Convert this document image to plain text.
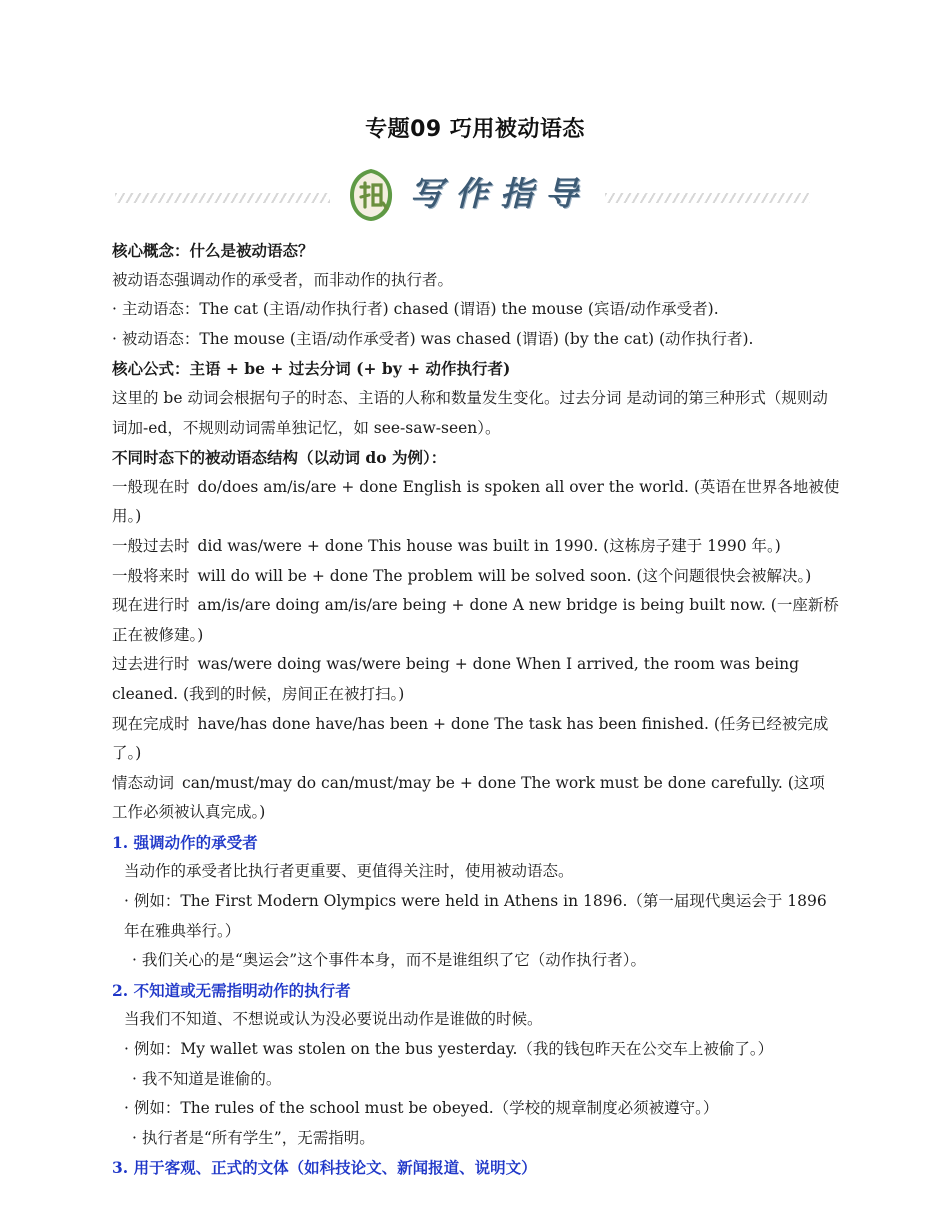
专题09 巧用被动语态
写作指导

核心概念：什么是被动语态？

被动语态强调动作的承受者，而非动作的执行者。

· 主动语态：The cat (主语/动作执行者) chased (谓语) the mouse (宾语/动作承受者).

· 被动语态：The mouse (主语/动作承受者) was chased (谓语) (by the cat) (动作执行者).

核心公式：主语 + be + 过去分词 (+ by + 动作执行者)

这里的 be 动词会根据句子的时态、主语的人称和数量发生变化。过去分词 是动词的第三种形式（规则动词加-ed，不规则动词需单独记忆，如 see-saw-seen）。

不同时态下的被动语态结构（以动词 do 为例）：

一般现在时 do/does am/is/are + done English is spoken all over the world. (英语在世界各地被使用。)

一般过去时 did was/were + done This house was built in 1990. (这栋房子建于 1990 年。)

一般将来时 will do will be + done The problem will be solved soon. (这个问题很快会被解决。)

现在进行时 am/is/are doing am/is/are being + done A new bridge is being built now. (一座新桥正在被修建。)

过去进行时 was/were doing was/were being + done When I arrived, the room was being cleaned. (我到的时候，房间正在被打扫。)

现在完成时 have/has done have/has been + done The task has been finished. (任务已经被完成了。)

情态动词 can/must/may do can/must/may be + done The work must be done carefully. (这项工作必须被认真完成。)

1. 强调动作的承受者

当动作的承受者比执行者更重要、更值得关注时，使用被动语态。

· 例如：The First Modern Olympics were held in Athens in 1896.（第一届现代奥运会于 1896 年在雅典举行。）

· 我们关心的是“奥运会”这个事件本身，而不是谁组织了它（动作执行者）。

2. 不知道或无需指明动作的执行者

当我们不知道、不想说或认为没必要说出动作是谁做的时候。

· 例如：My wallet was stolen on the bus yesterday.（我的钱包昨天在公交车上被偷了。）

· 我不知道是谁偷的。

· 例如：The rules of the school must be obeyed.（学校的规章制度必须被遵守。）

· 执行者是“所有学生”，无需指明。

3. 用于客观、正式的文体（如科技论文、新闻报道、说明文）
